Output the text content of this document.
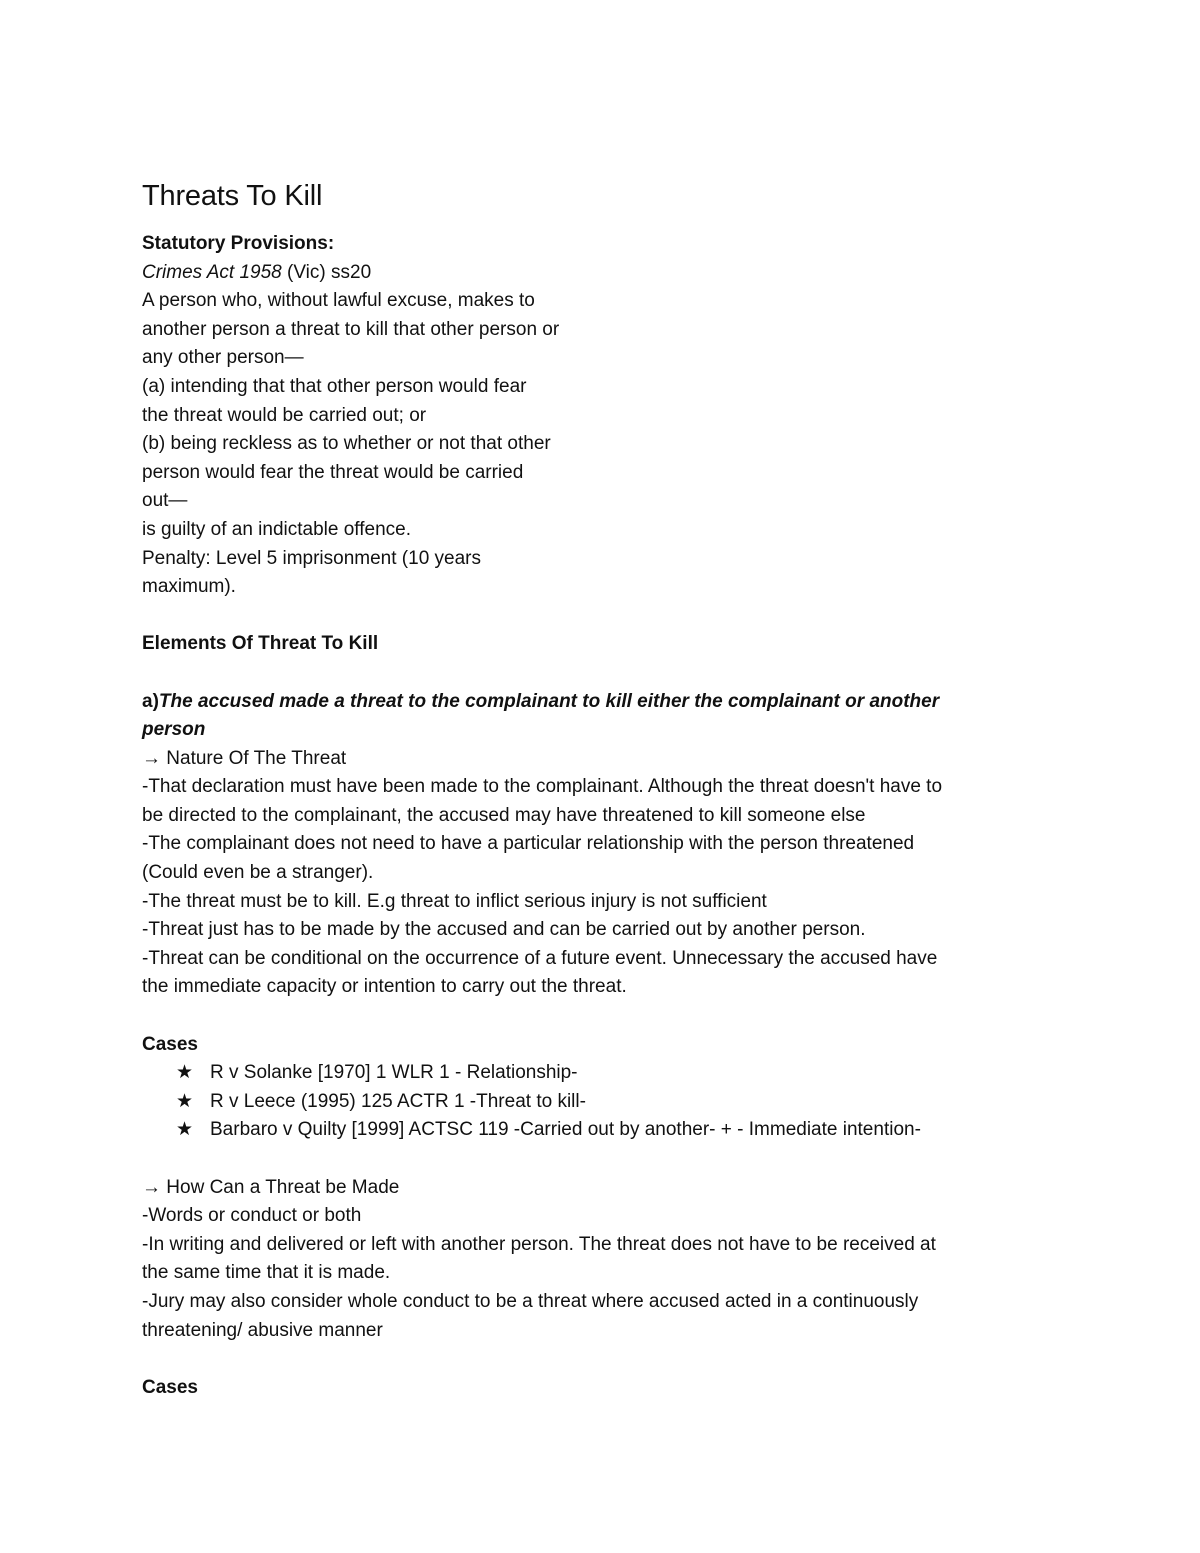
Threats To Kill

Statutory Provisions:

Crimes Act 1958 (Vic) ss20

A person who, without lawful excuse, makes to

another person a threat to kill that other person or

any other person—

(a) intending that that other person would fear

the threat would be carried out; or

(b) being reckless as to whether or not that other

person would fear the threat would be carried

out—

is guilty of an indictable offence.

Penalty: Level 5 imprisonment (10 years

maximum).

Elements Of Threat To Kill

a)The accused made a threat to the complainant to kill either the complainant or another

person

→ Nature Of The Threat

-That declaration must have been made to the complainant. Although the threat doesn't have to

be directed to the complainant, the accused may have threatened to kill someone else

-The complainant does not need to have a particular relationship with the person threatened

(Could even be a stranger).

-The threat must be to kill. E.g threat to inflict serious injury is not sufficient

-Threat just has to be made by the accused and can be carried out by another person.

-Threat can be conditional on the occurrence of a future event. Unnecessary the accused have

the immediate capacity or intention to carry out the threat.

Cases

★ R v Solanke [1970] 1 WLR 1 - Relationship-
★ R v Leece (1995) 125 ACTR 1 -Threat to kill-
★ Barbaro v Quilty [1999] ACTSC 119 -Carried out by another- + - Immediate intention-

→ How Can a Threat be Made

-Words or conduct or both

-In writing and delivered or left with another person. The threat does not have to be received at

the same time that it is made.

-Jury may also consider whole conduct to be a threat where accused acted in a continuously

threatening/ abusive manner

Cases
